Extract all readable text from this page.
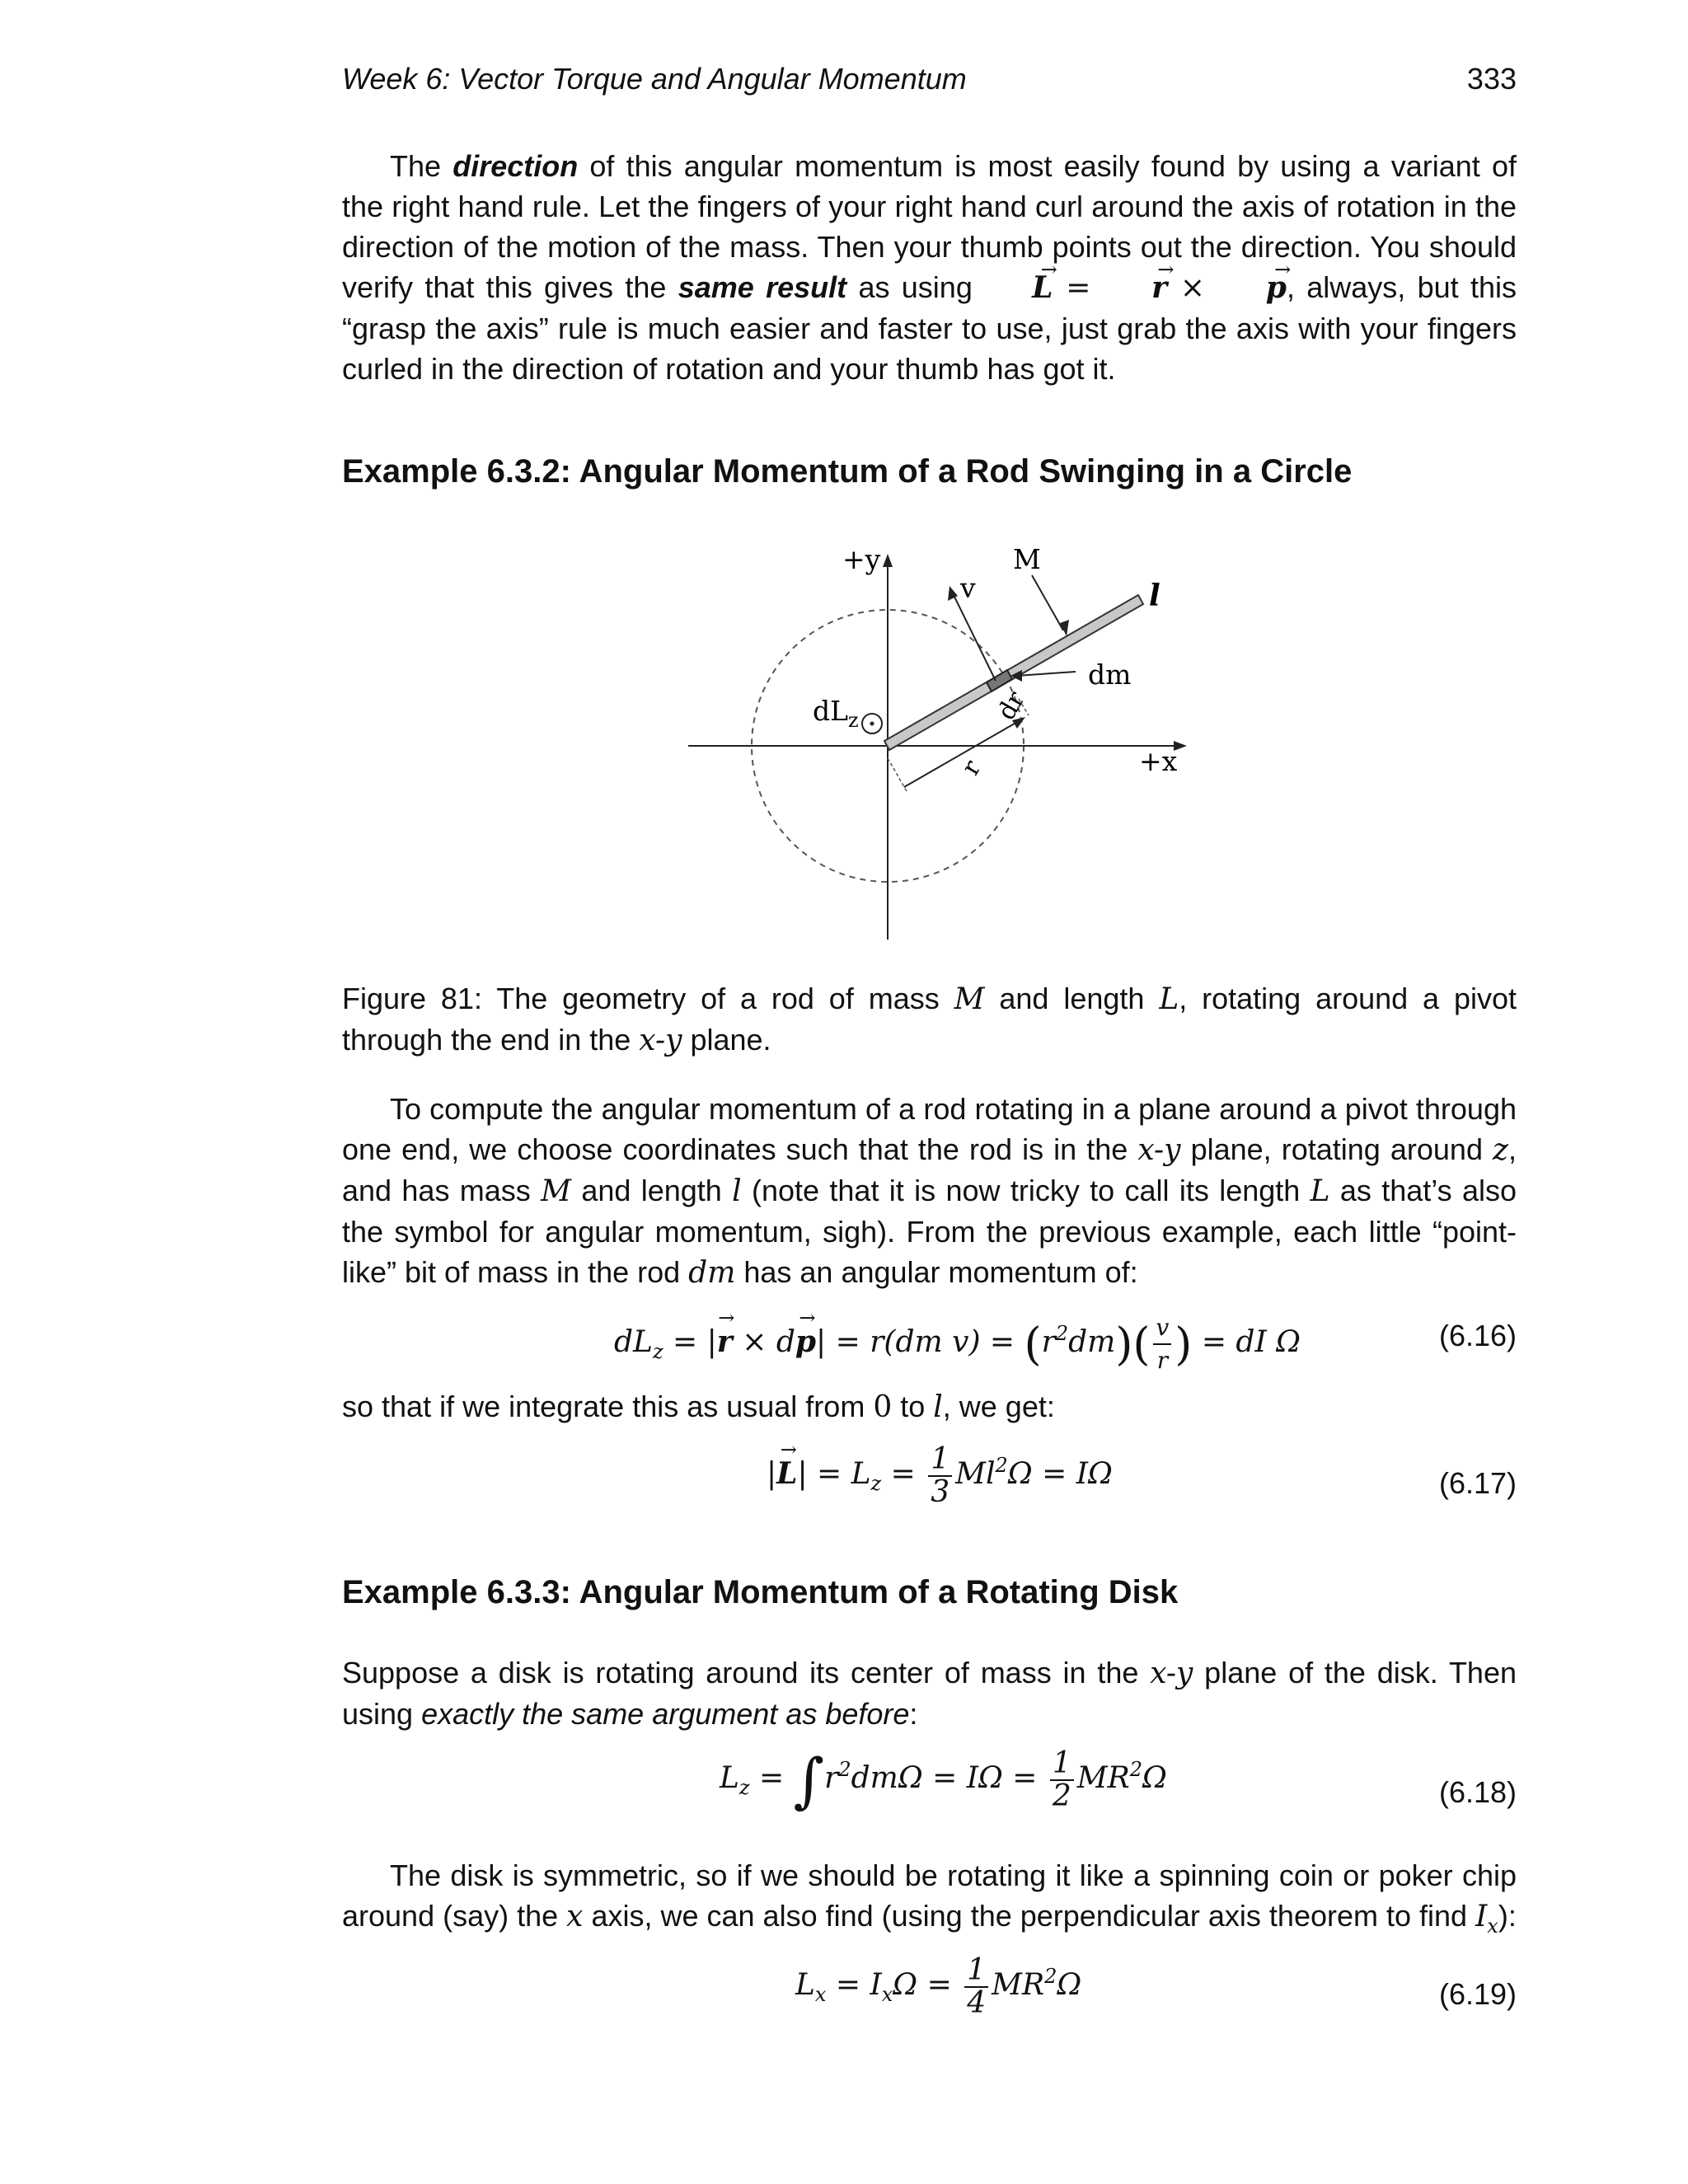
Week 6: Vector Torque and Angular Momentum	333

The direction of this angular momentum is most easily found by using a variant of the right hand rule. Let the fingers of your right hand curl around the axis of rotation in the direction of the motion of the mass. Then your thumb points out the direction. You should verify that this gives the same result as using → L = → r × → p, always, but this “grasp the axis” rule is much easier and faster to use, just grab the axis with your fingers curled in the direction of rotation and your thumb has got it.

Example 6.3.2: Angular Momentum of a Rod Swinging in a Circle
+y
+x
v
M
l
dm
dr
r
$dL_z$

Figure 81: The geometry of a rod of mass M and length L, rotating around a pivot through the end in the x-y plane.

To compute the angular momentum of a rod rotating in a plane around a pivot through one end, we choose coordinates such that the rod is in the x-y plane, rotating around z, and has mass M and length l (note that it is now tricky to call its length L as that’s also the symbol for angular momentum, sigh). From the previous example, each little “point-like” bit of mass in the rod dm has an angular momentum of:

$dL_z$ = |→ r × d→ p| = r(dm $v) = (r^2dm)( \frac{v}{r}$ ) = dI Ω	(6.16)

so that if we integrate this as usual from 0 to l, we get:

|→ $L| = L_z = \frac{1}{3} Ml^2\Omega = I\Omega$	(6.17)
Example 6.3.3: Angular Momentum of a Rotating Disk

Suppose a disk is rotating around its center of mass in the x-y plane of the disk. Then using exactly the same argument as before:

$L_z = \int r^2dm\Omega = I\Omega = \frac{1}{2} MR^2\Omega$	(6.18)

The disk is symmetric, so if we should be rotating it like a spinning coin or poker chip around (say) the x axis, we can also find (using the perpendicular axis theorem to find $I_x$):

$L_x = I_x\Omega = \frac{1}{4} MR^2\Omega$	(6.19)
